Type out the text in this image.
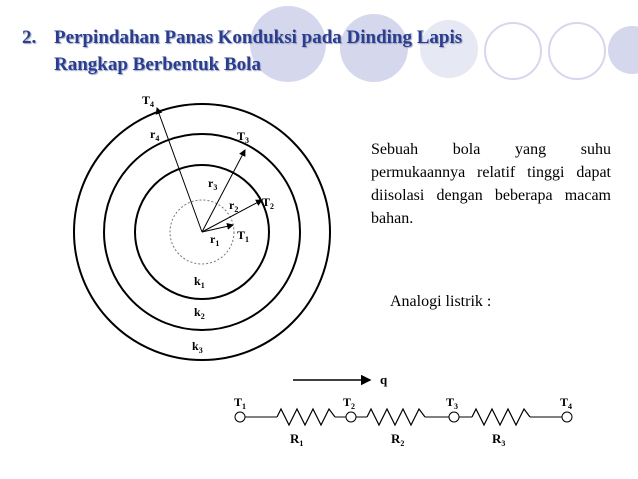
2. Perpindahan Panas Konduksi pada Dinding Lapis
Rangkap Berbentuk Bola
$T_1$
$T_2$
$T_3$
$T_4$
$r_1$
$r_2$
$r_3$
$r_4$
$k_1$
$k_2$
$k_3$
q
$T_1$	$T_2$	$T_3$	$T_4$
$R_1$	$R_2$	$R_3$
Sebuah bola yang suhu permukaannya relatif tinggi dapat diisolasi dengan beberapa macam bahan.
Analogi listrik :
